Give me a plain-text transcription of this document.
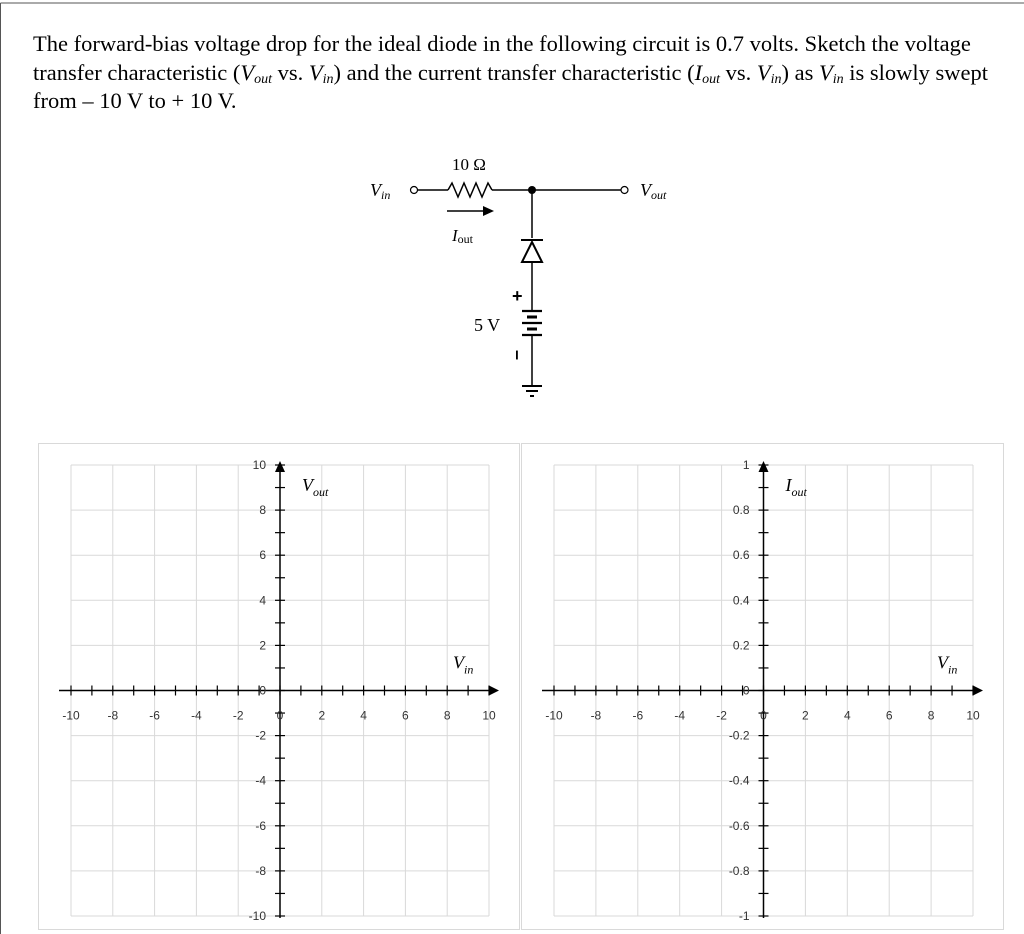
The forward-bias voltage drop for the ideal diode in the following circuit is 0.7 volts. Sketch the voltage transfer characteristic ($V_{out}$ vs. $V_{in}$) and the current transfer characteristic ($I_{out}$ vs. $V_{in}$) as $V_{in}$ is slowly swept from – 10 V to + 10 V.
Vin
10 Ω
Vout
Iout
+
–
5 V
-10 -8	-6	-4	-2	0	2	4	6	8	10
10
8
6
4
2
0
-2
-4
-6
-8
-10
$V_{out}$
$V_{in}$
-10 -8	-6	-4	-2	0	2	4	6	8	10
1
0.8
0.6
0.4
0.2
0
-0.2
-0.4
-0.6
-0.8
-1
$I_{out}$
$V_{in}$
